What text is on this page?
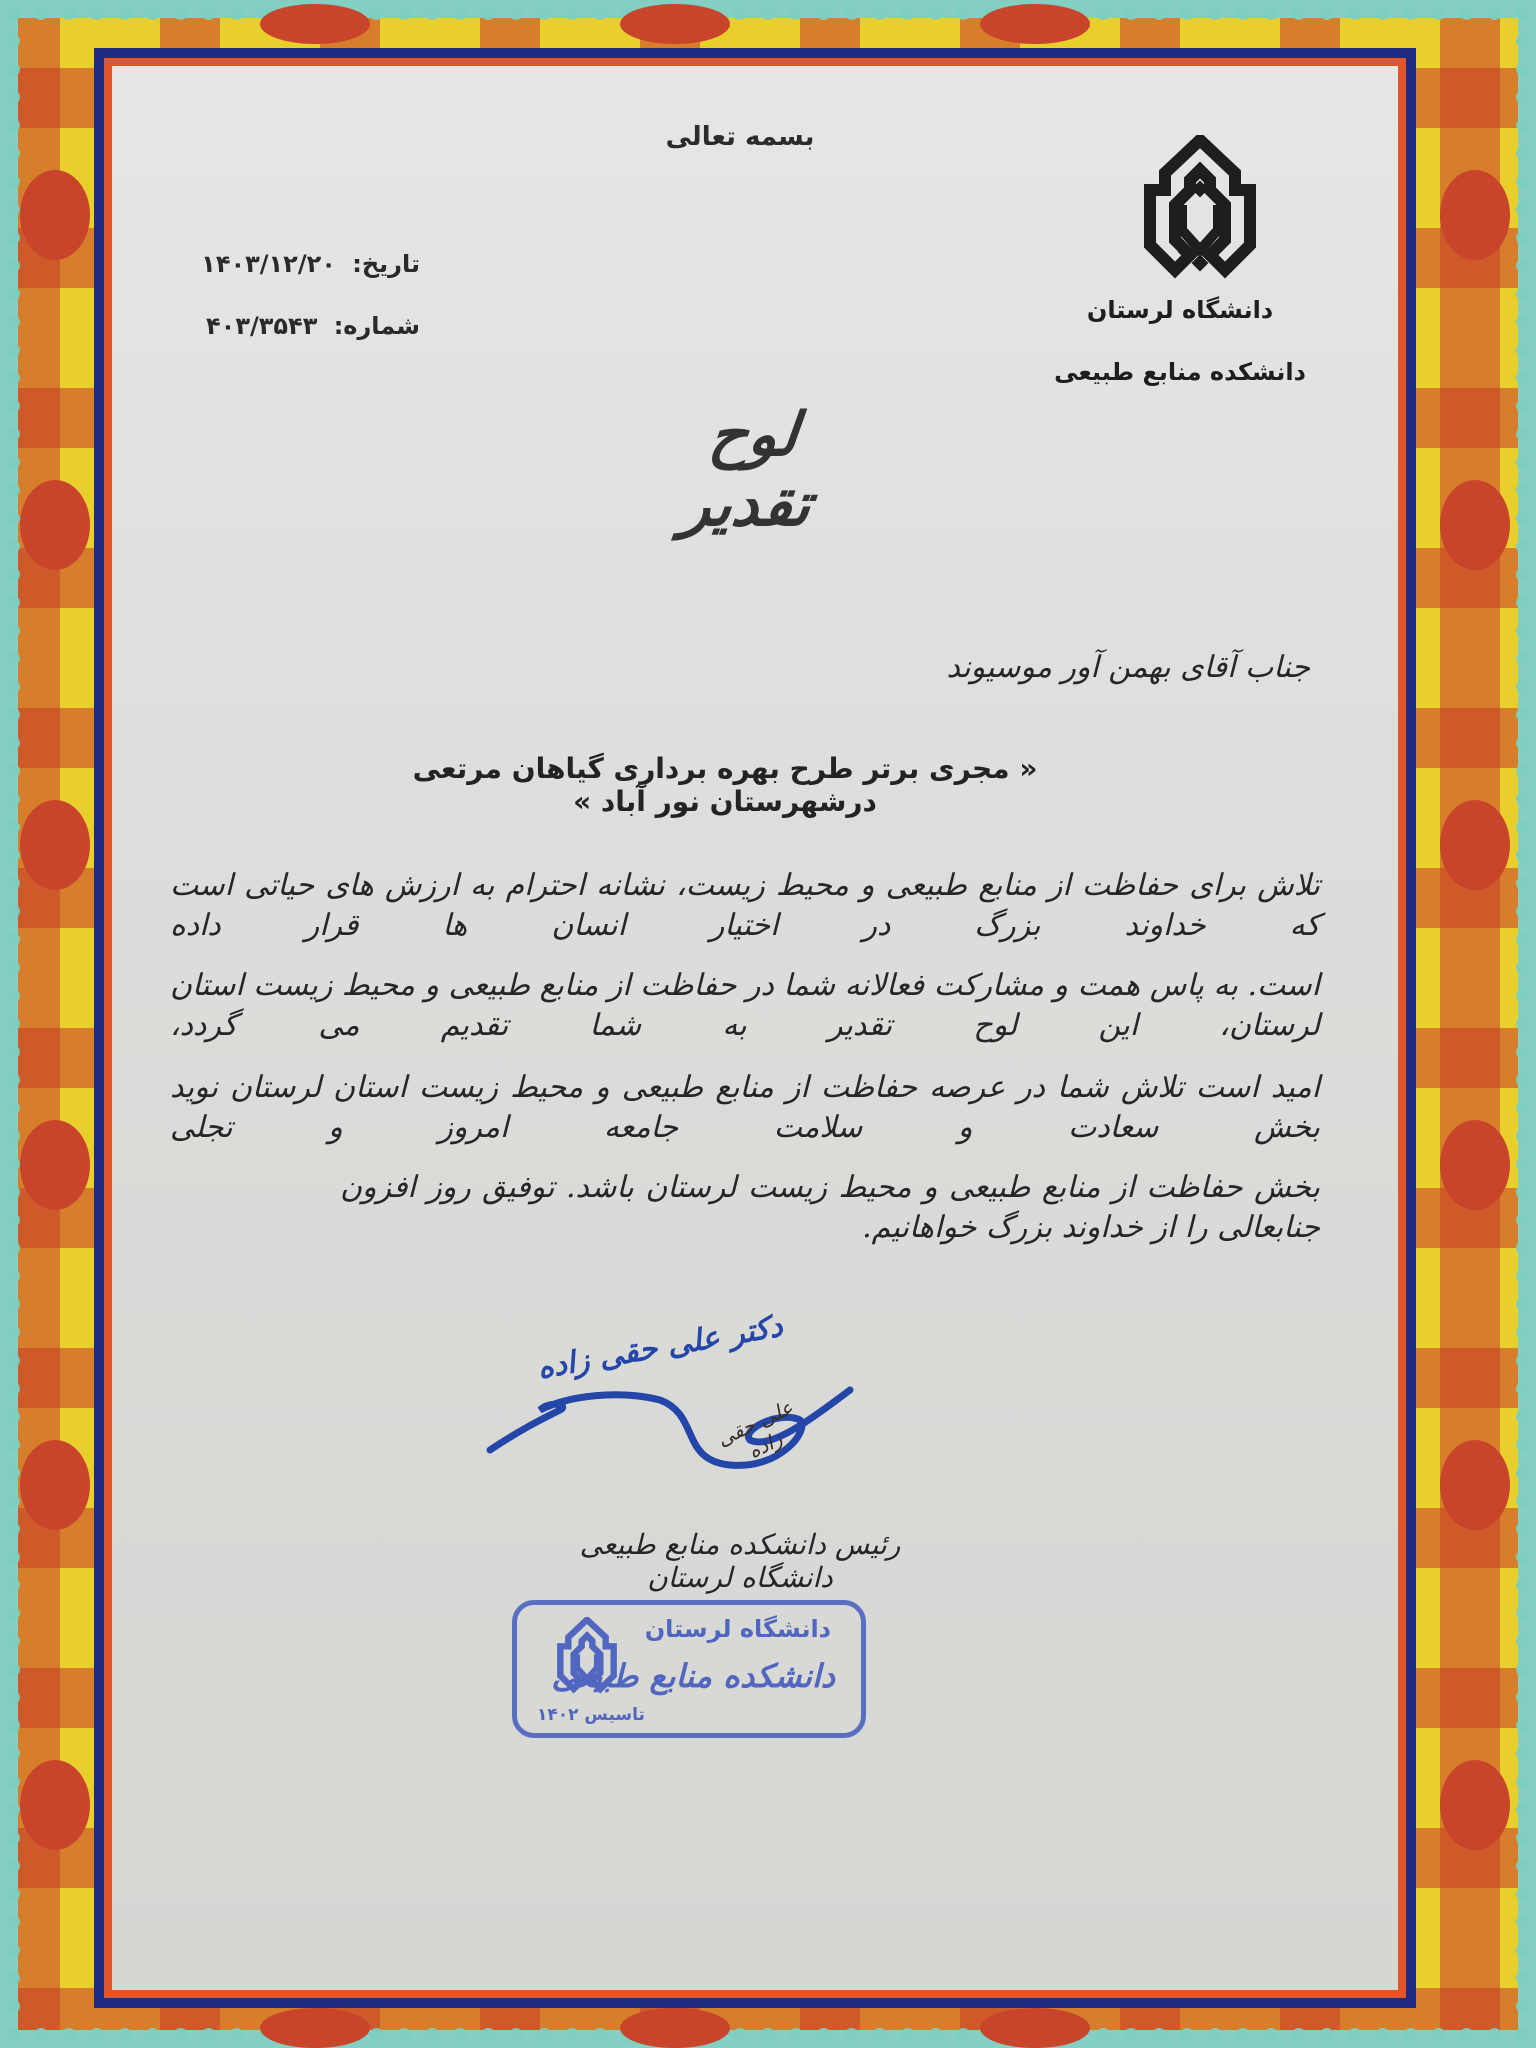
بسمه تعالی
دانشگاه لرستان
دانشکده منابع طبیعی
تاریخ: ۱۴۰۳/۱۲/۲۰
شماره: ۴۰۳/۳۵۴۳
لوح تقدیر
جناب آقای بهمن آور موسیوند
« مجری برتر طرح بهره برداری گیاهان مرتعی درشهرستان نور آباد »
تلاش برای حفاظت از منابع طبیعی و محیط زیست، نشانه احترام به ارزش های حیاتی است که خداوند بزرگ در اختیار انسان ها قرار داده
است. به پاس همت و مشارکت فعالانه شما در حفاظت از منابع طبیعی و محیط زیست استان لرستان، این لوح تقدیر به شما تقدیم می گردد،
امید است تلاش شما در عرصه حفاظت از منابع طبیعی و محیط زیست استان لرستان نوید بخش سعادت و سلامت جامعه امروز و تجلی
بخش حفاظت از منابع طبیعی و محیط زیست لرستان باشد. توفیق روز افزون جنابعالی را از خداوند بزرگ خواهانیم.
دکتر علی حقی زاده
علی حقی زاده
رئیس دانشکده منابع طبیعی دانشگاه لرستان
دانشگاه لرستان
دانشکده منابع طبیعی
تاسیس ۱۴۰۲
